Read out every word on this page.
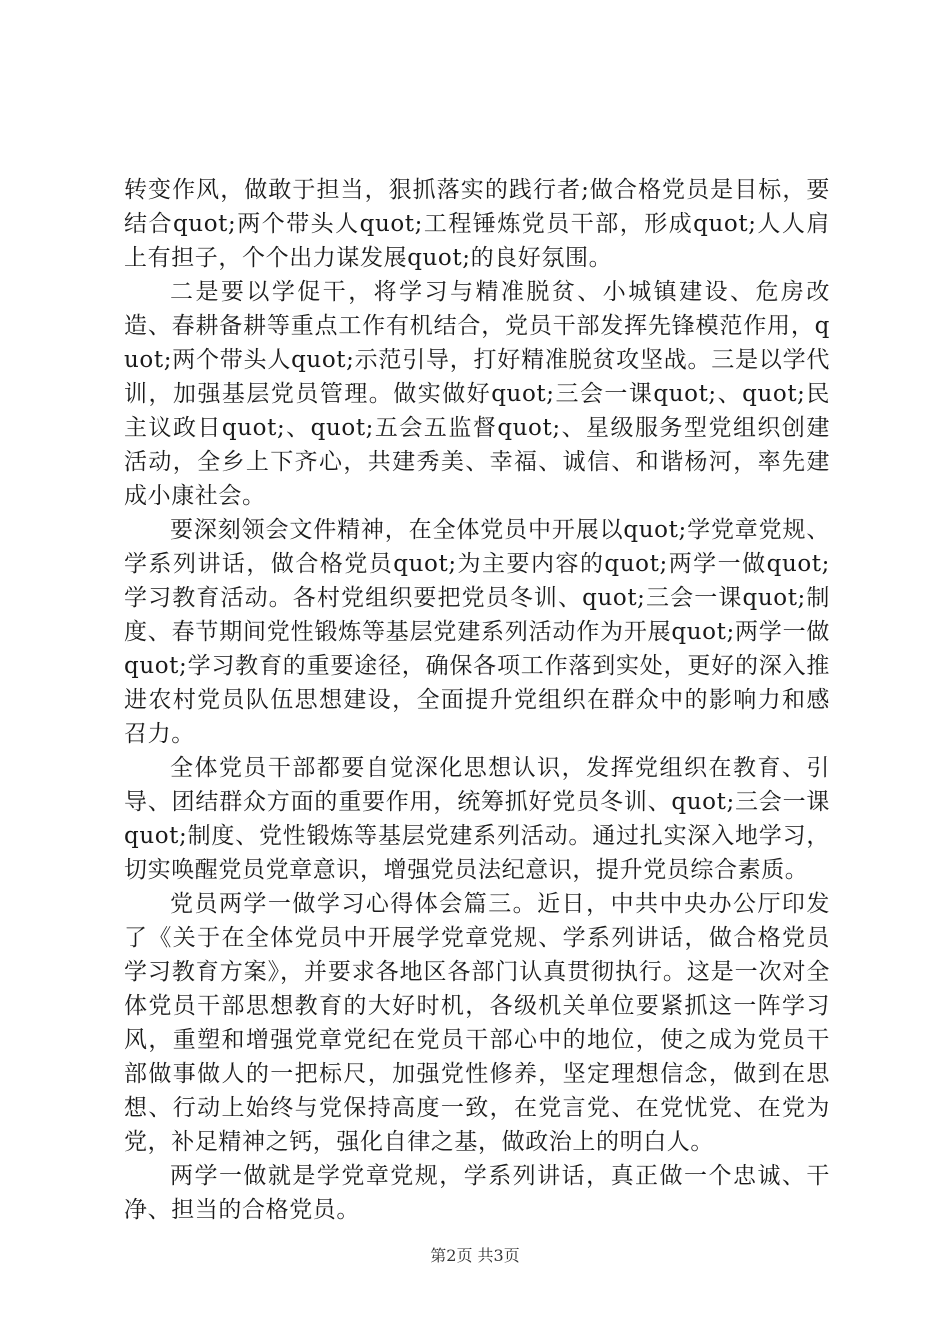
转变作风，做敢于担当，狠抓落实的践行者;做合格党员是目标，要结合quot;两个带头人quot;工程锤炼党员干部，形成quot;人人肩上有担子，个个出力谋发展quot;的良好氛围。

二是要以学促干，将学习与精准脱贫、小城镇建设、危房改造、春耕备耕等重点工作有机结合，党员干部发挥先锋模范作用，quot;两个带头人quot;示范引导，打好精准脱贫攻坚战。三是以学代训，加强基层党员管理。做实做好quot;三会一课quot;、quot;民主议政日quot;、quot;五会五监督quot;、星级服务型党组织创建活动，全乡上下齐心，共建秀美、幸福、诚信、和谐杨河，率先建成小康社会。

要深刻领会文件精神，在全体党员中开展以quot;学党章党规、学系列讲话，做合格党员quot;为主要内容的quot;两学一做quot;学习教育活动。各村党组织要把党员冬训、quot;三会一课quot;制度、春节期间党性锻炼等基层党建系列活动作为开展quot;两学一做quot;学习教育的重要途径，确保各项工作落到实处，更好的深入推进农村党员队伍思想建设，全面提升党组织在群众中的影响力和感召力。

全体党员干部都要自觉深化思想认识，发挥党组织在教育、引导、团结群众方面的重要作用，统筹抓好党员冬训、quot;三会一课quot;制度、党性锻炼等基层党建系列活动。通过扎实深入地学习，切实唤醒党员党章意识，增强党员法纪意识，提升党员综合素质。

党员两学一做学习心得体会篇三。近日，中共中央办公厅印发了《关于在全体党员中开展学党章党规、学系列讲话，做合格党员学习教育方案》，并要求各地区各部门认真贯彻执行。这是一次对全体党员干部思想教育的大好时机，各级机关单位要紧抓这一阵学习风，重塑和增强党章党纪在党员干部心中的地位，使之成为党员干部做事做人的一把标尺，加强党性修养，坚定理想信念，做到在思想、行动上始终与党保持高度一致，在党言党、在党忧党、在党为党，补足精神之钙，强化自律之基，做政治上的明白人。

两学一做就是学党章党规，学系列讲话，真正做一个忠诚、干净、担当的合格党员。

第2页 共3页
